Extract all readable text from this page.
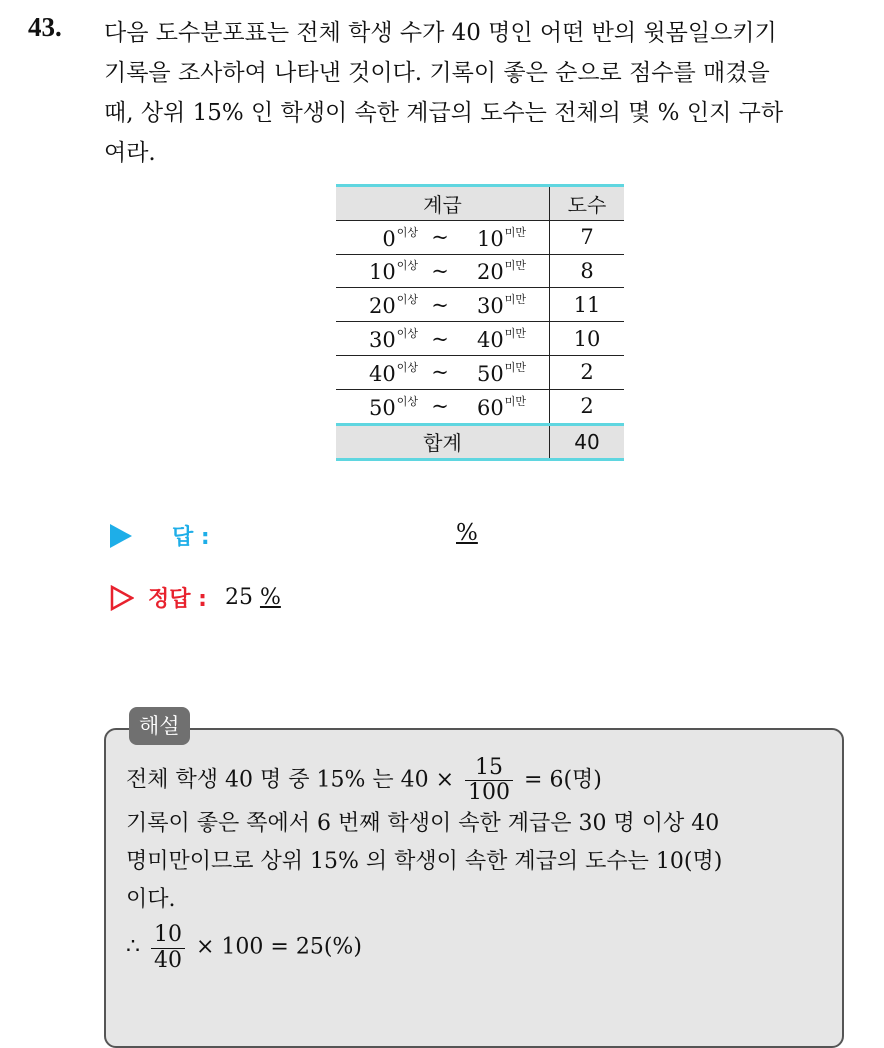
43. 다음 도수분포표는 전체 학생 수가 40 명인 어떤 반의 윗몸일으키기
기록을 조사하여 나타낸 것이다. 기록이 좋은 순으로 점수를 매겼을
때, 상위 15% 인 학생이 속한 계급의 도수는 전체의 몇 % 인지 구하
여라.
계급	도수

$0^{이상}$ ~ $10^{미만}$	7

$10^{이상}$ ~ $20^{미만}$	8

$20^{이상}$ ~ $30^{미만}$	11

$30^{이상}$ ~ $40^{미만}$	10

$40^{이상}$ ~ $50^{미만}$	2

$50^{이상}$ ~ $60^{미만}$	2
합계	40
답 :	%
정답 : 25 %
해설
전체 학생 40 명 중 15% 는 $40 \times \frac{15}{100} = 6$(명)
기록이 좋은 쪽에서 6 번째 학생이 속한 계급은 30 명 이상 40
명미만이므로 상위 15% 의 학생이 속한 계급의 도수는 10(명)
이다.
∴ $\frac{10}{40} \times 100 = 25(\%)$
